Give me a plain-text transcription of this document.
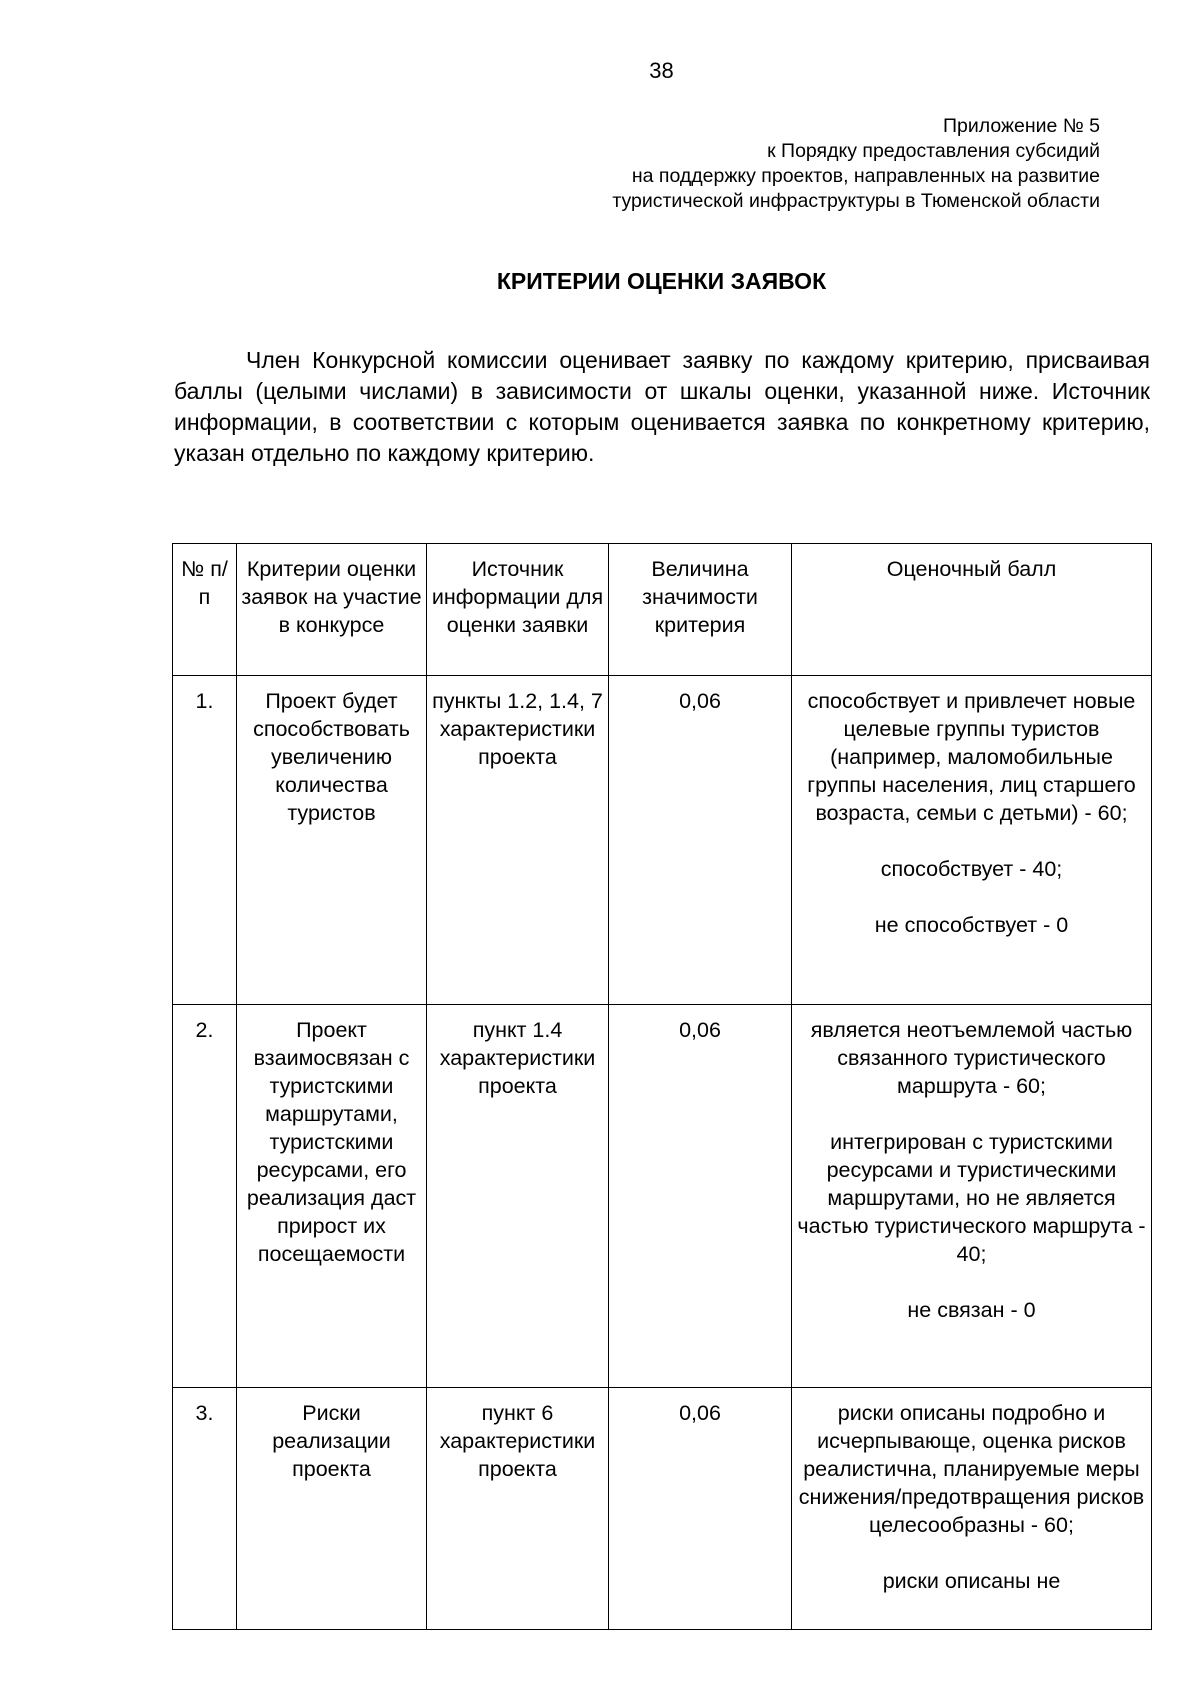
38
Приложение № 5
к Порядку предоставления субсидий
на поддержку проектов, направленных на развитие
туристической инфраструктуры в Тюменской области
КРИТЕРИИ ОЦЕНКИ ЗАЯВОК

Член Конкурсной комиссии оценивает заявку по каждому критерию, присваивая баллы (целыми числами) в зависимости от шкалы оценки, указанной ниже. Источник информации, в соответствии с которым оценивается заявка по конкретному критерию, указан отдельно по каждому критерию.

№ п/п	Критерии оценки заявок на участие в конкурсе	Источник информации для оценки заявки	Величина значимости критерия	Оценочный балл
1.	Проект будет способствовать увеличению количества туристов	пункты 1.2, 1.4, 7 характеристики проекта	0,06	способствует и привлечет новые целевые группы туристов (например, маломобильные группы населения, лиц старшего возраста, семьи с детьми) - 60;
способствует - 40;
не способствует - 0

2.	Проект взаимосвязан с туристскими маршрутами, туристскими ресурсами, его реализация даст прирост их посещаемости	пункт 1.4 характеристики проекта	0,06	является неотъемлемой частью связанного туристического маршрута - 60;
интегрирован с туристскими ресурсами и туристическими маршрутами, но не является частью туристического маршрута - 40;
не связан - 0

3.	Риски реализации проекта	пункт 6 характеристики проекта	0,06	риски описаны подробно и исчерпывающе, оценка рисков реалистична, планируемые меры снижения/предотвращения рисков целесообразны - 60;
риски описаны не
